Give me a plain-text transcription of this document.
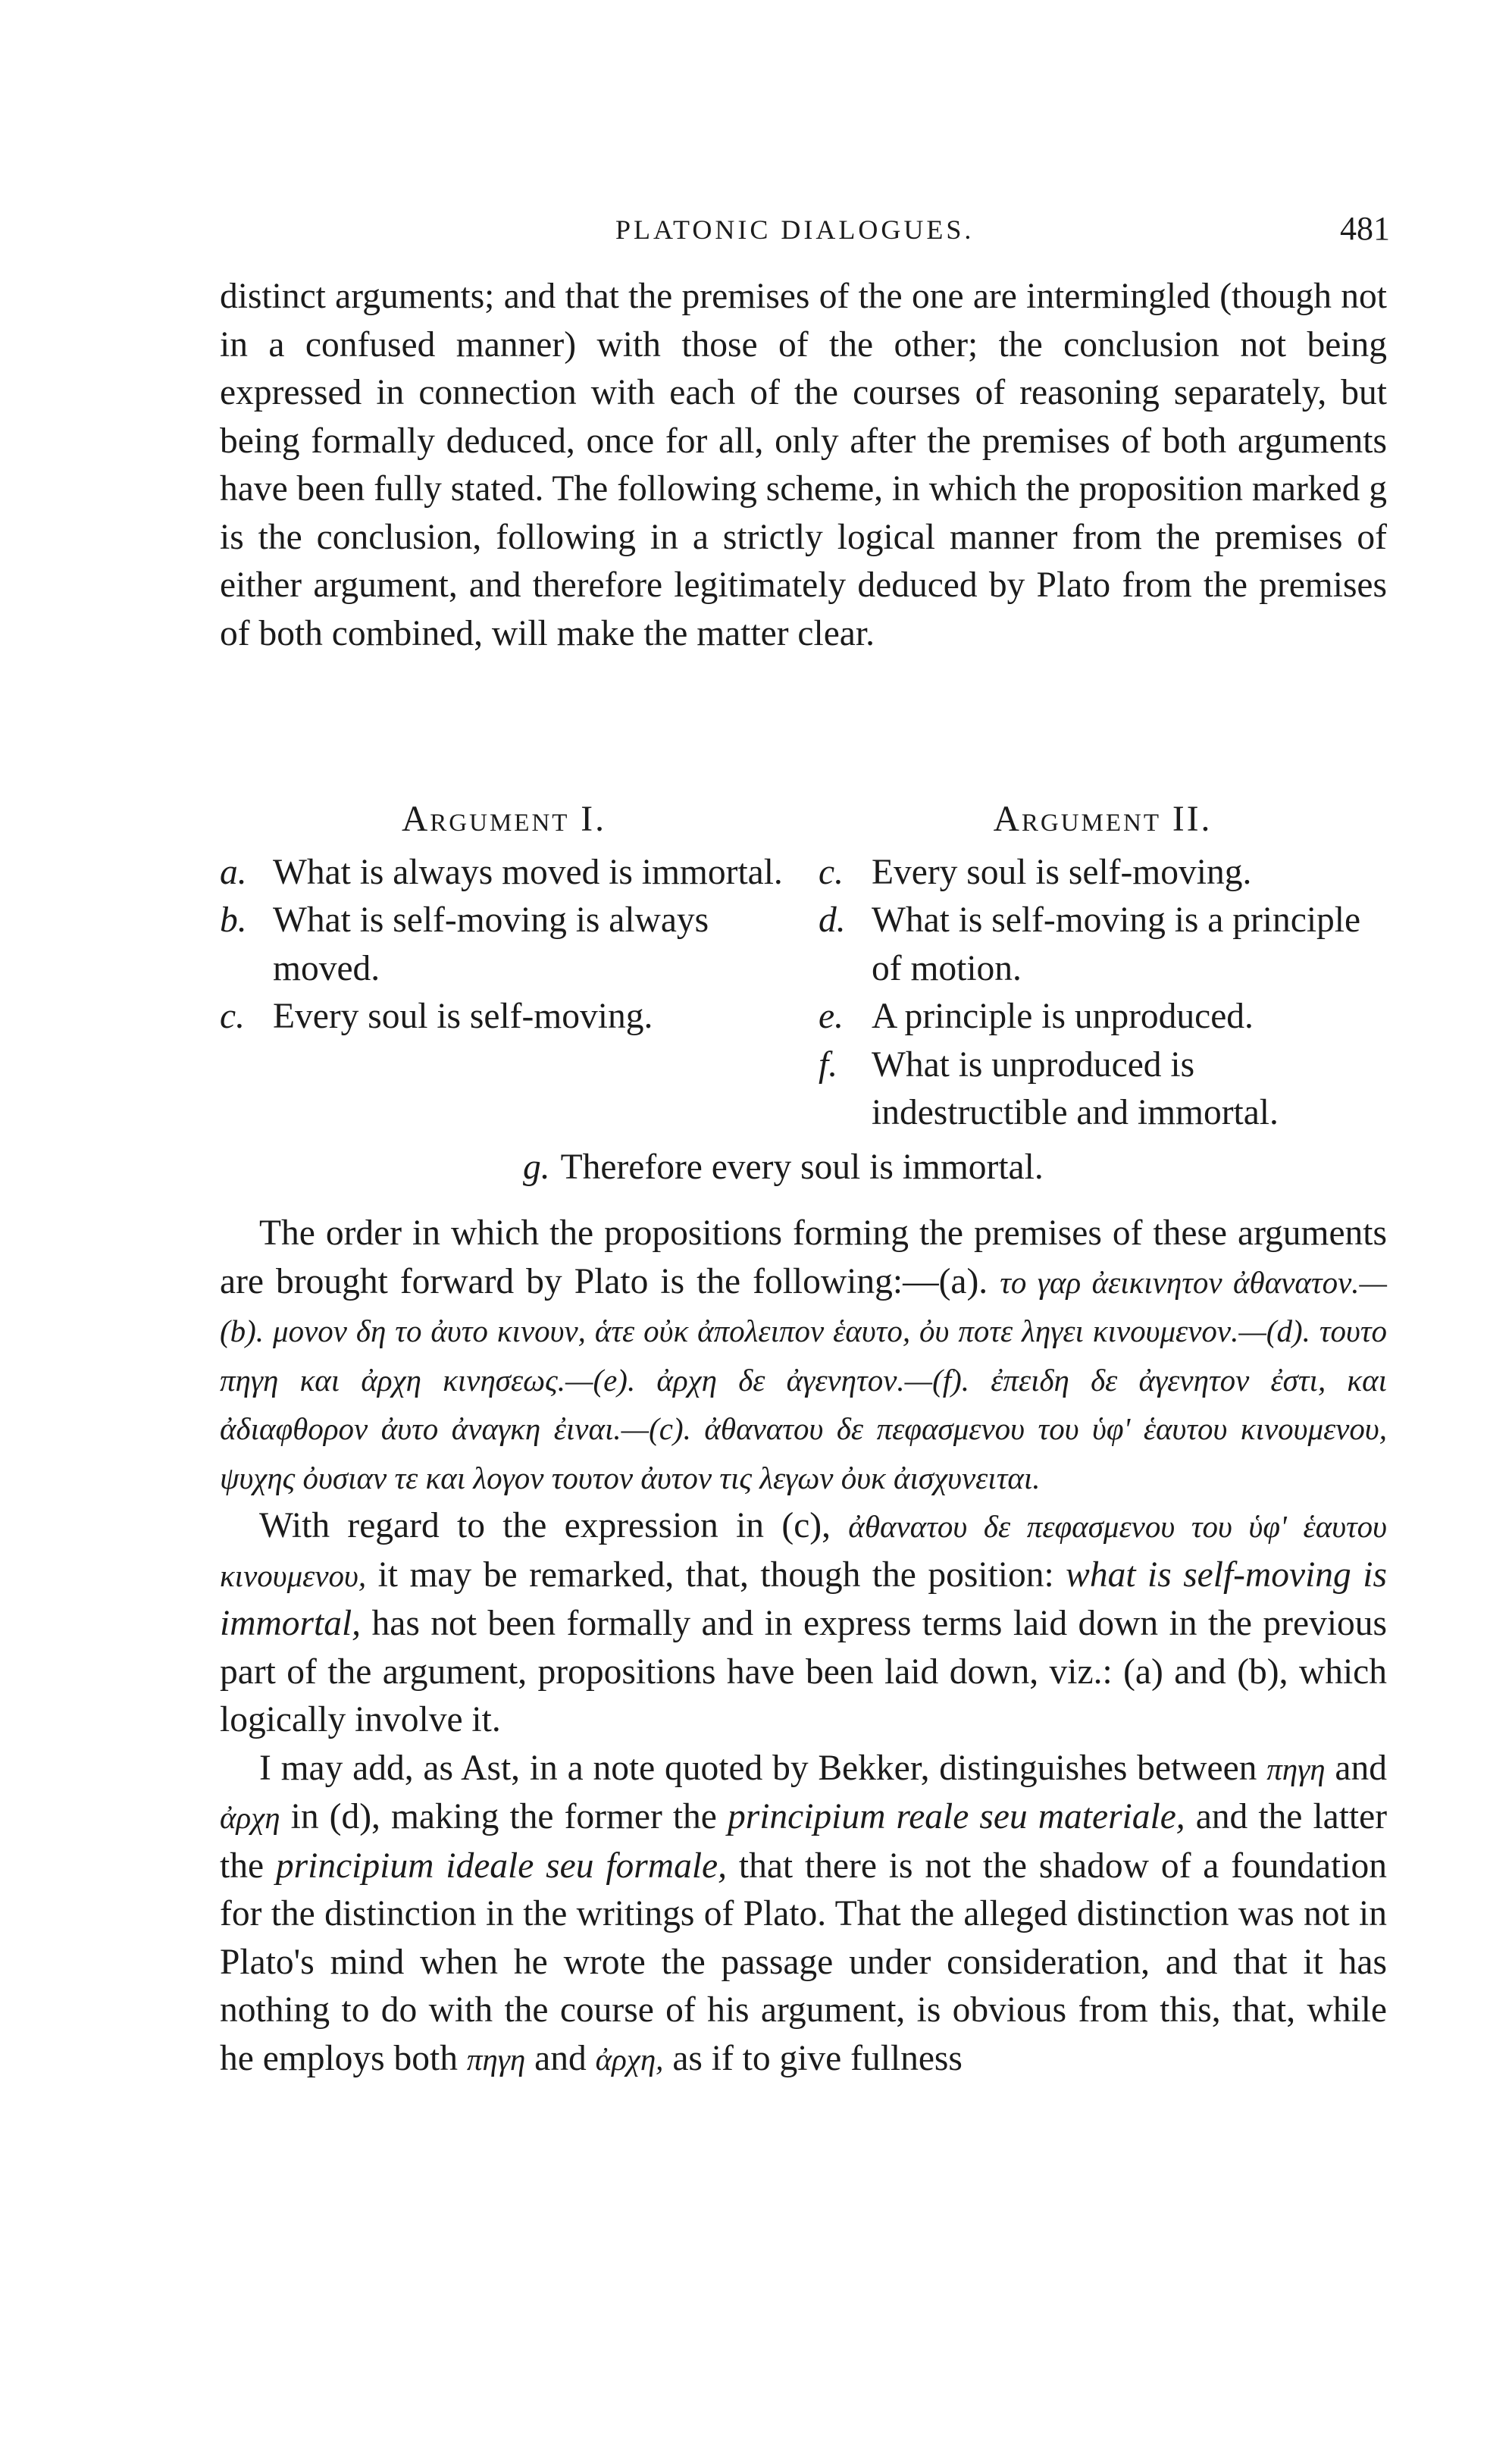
PLATONIC DIALOGUES.	481

distinct arguments; and that the premises of the one are intermingled (though not in a confused manner) with those of the other; the conclusion not being expressed in connection with each of the courses of reasoning separately, but being formally deduced, once for all, only after the premises of both arguments have been fully stated. The following scheme, in which the proposition marked g is the conclusion, following in a strictly logical manner from the premises of either argument, and therefore legitimately deduced by Plato from the premises of both combined, will make the matter clear.

Argument I.
a. What is always moved is immortal.
b. What is self-moving is always moved.
c. Every soul is self-moving.
Argument II.
c. Every soul is self-moving.
d. What is self-moving is a principle of motion.
e. A principle is unproduced.
f. What is unproduced is indestructible and immortal.
g. Therefore every soul is immortal.

The order in which the propositions forming the premises of these arguments are brought forward by Plato is the following:—(a). το γαρ ἀεικινητον ἀθανατον.—(b). μονον δη το ἀυτο κινουν, ἁτε οὐκ ἀπολειπον ἑαυτο, ὀυ ποτε ληγει κινουμενον.—(d). τουτο πηγη και ἀρχη κινησεως.—(e). ἀρχη δε ἀγενητον.—(f). ἐπειδη δε ἀγενητον ἐστι, και ἀδιαφθορον ἀυτο ἀναγκη ἐιναι.—(c). ἀθανατου δε πεφασμενου του ὑφ' ἑαυτου κινουμενου, ψυχης ὀυσιαν τε και λογον τουτον ἀυτον τις λεγων ὀυκ ἀισχυνειται.

With regard to the expression in (c), ἀθανατου δε πεφασμενου του ὑφ' ἑαυτου κινουμενου, it may be remarked, that, though the position: what is self-moving is immortal, has not been formally and in express terms laid down in the previous part of the argument, propositions have been laid down, viz.: (a) and (b), which logically involve it.

I may add, as Ast, in a note quoted by Bekker, distinguishes between πηγη and ἀρχη in (d), making the former the principium reale seu materiale, and the latter the principium ideale seu formale, that there is not the shadow of a foundation for the distinction in the writings of Plato. That the alleged distinction was not in Plato's mind when he wrote the passage under consideration, and that it has nothing to do with the course of his argument, is obvious from this, that, while he employs both πηγη and ἀρχη, as if to give fullness
